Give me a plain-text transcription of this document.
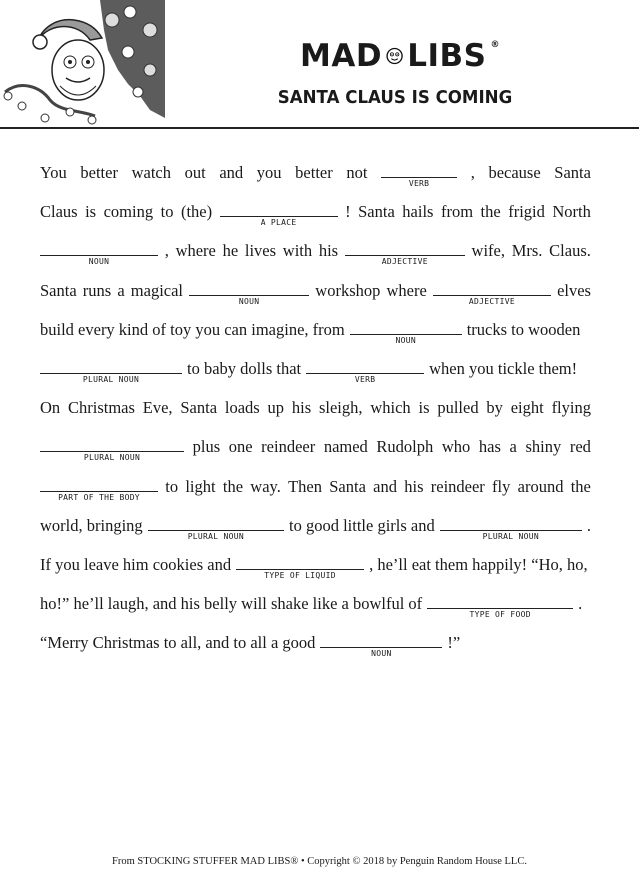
MAD LIBS ®
SANTA CLAUS IS COMING
You better watch out and you better not
VERB
, because Santa
Claus is coming to (the)
A PLACE
! Santa hails from the frigid North
NOUN
, where he lives with his
ADJECTIVE
wife, Mrs. Claus.
Santa runs a magical
NOUN
workshop where
ADJECTIVE
elves
build every kind of toy you can imagine, from
NOUN
trucks to wooden
PLURAL NOUN
to baby dolls that
VERB
when you tickle them!
On Christmas Eve, Santa loads up his sleigh, which is pulled by eight flying
PLURAL NOUN
plus one reindeer named Rudolph who has a shiny red
PART OF THE BODY
to light the way. Then Santa and his reindeer fly around the
world, bringing
PLURAL NOUN
to good little girls and
PLURAL NOUN
.
If you leave him cookies and
TYPE OF LIQUID
, he’ll eat them happily! “Ho, ho,
ho!” he’ll laugh, and his belly will shake like a bowlful of
TYPE OF FOOD
.
“Merry Christmas to all, and to all a good
NOUN
!”
From STOCKING STUFFER MAD LIBS® • Copyright © 2018 by Penguin Random House LLC.
